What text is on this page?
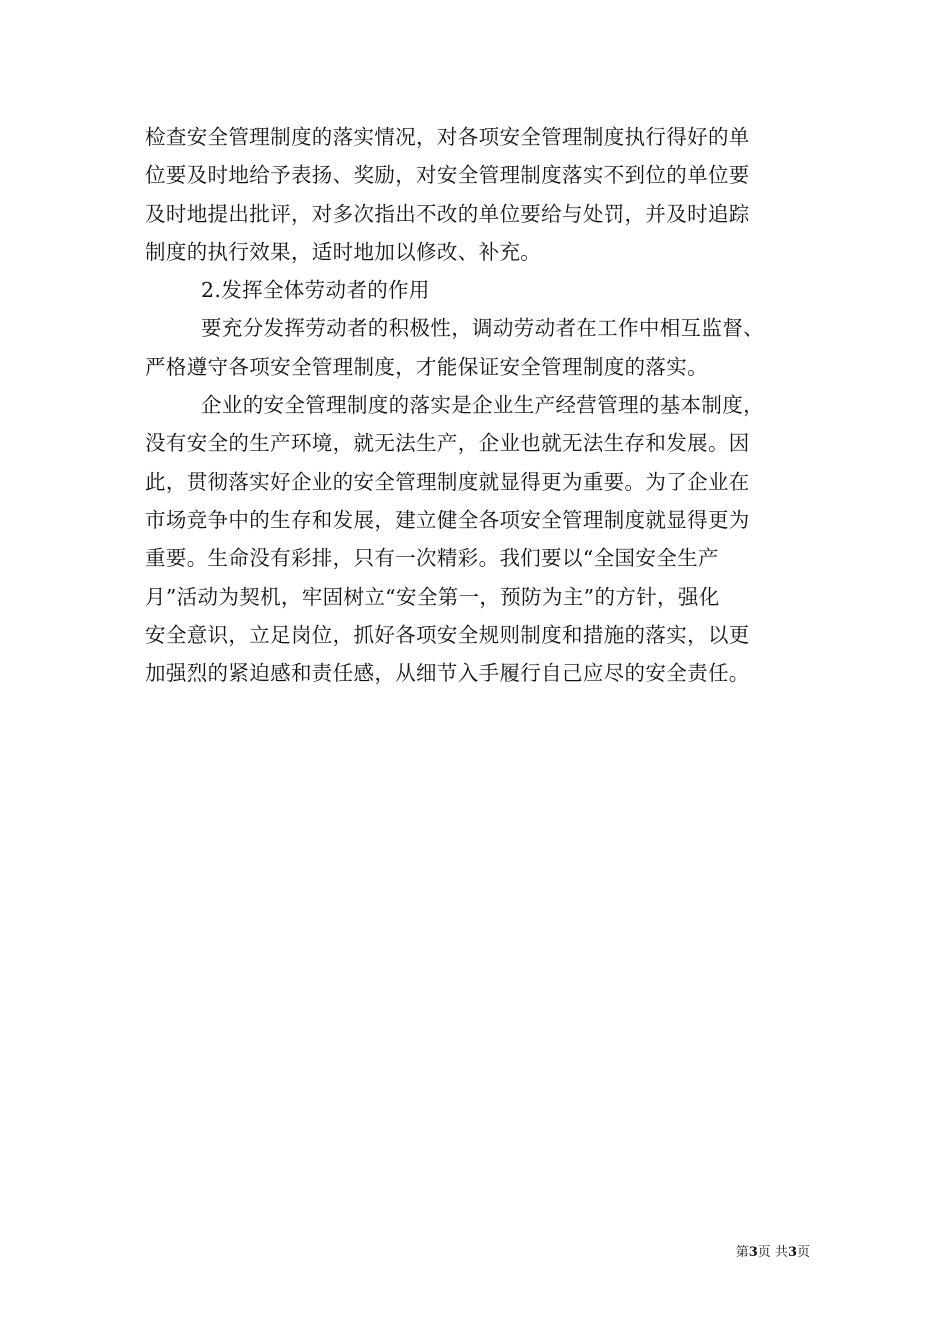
检查安全管理制度的落实情况，对各项安全管理制度执行得好的单
位要及时地给予表扬、奖励，对安全管理制度落实不到位的单位要
及时地提出批评，对多次指出不改的单位要给与处罚，并及时追踪
制度的执行效果，适时地加以修改、补充。
2.发挥全体劳动者的作用
要充分发挥劳动者的积极性，调动劳动者在工作中相互监督、
严格遵守各项安全管理制度，才能保证安全管理制度的落实。
企业的安全管理制度的落实是企业生产经营管理的基本制度，
没有安全的生产环境，就无法生产，企业也就无法生存和发展。因
此，贯彻落实好企业的安全管理制度就显得更为重要。为了企业在
市场竞争中的生存和发展，建立健全各项安全管理制度就显得更为
重要。生命没有彩排，只有一次精彩。我们要以“全国安全生产
月”活动为契机，牢固树立“安全第一，预防为主”的方针，强化
安全意识，立足岗位，抓好各项安全规则制度和措施的落实，以更
加强烈的紧迫感和责任感，从细节入手履行自己应尽的安全责任。
第3页 共3页
